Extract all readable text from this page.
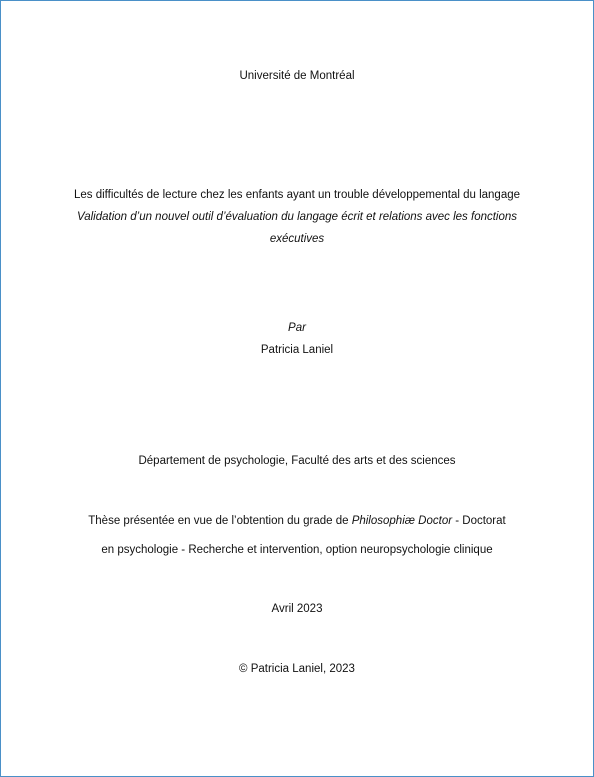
Université de Montréal
Les difficultés de lecture chez les enfants ayant un trouble développemental du langage
Validation d’un nouvel outil d’évaluation du langage écrit et relations avec les fonctions
exécutives
Par
Patricia Laniel
Département de psychologie, Faculté des arts et des sciences
Thèse présentée en vue de l’obtention du grade de Philosophiæ Doctor - Doctorat
en psychologie - Recherche et intervention, option neuropsychologie clinique
Avril 2023
© Patricia Laniel, 2023
